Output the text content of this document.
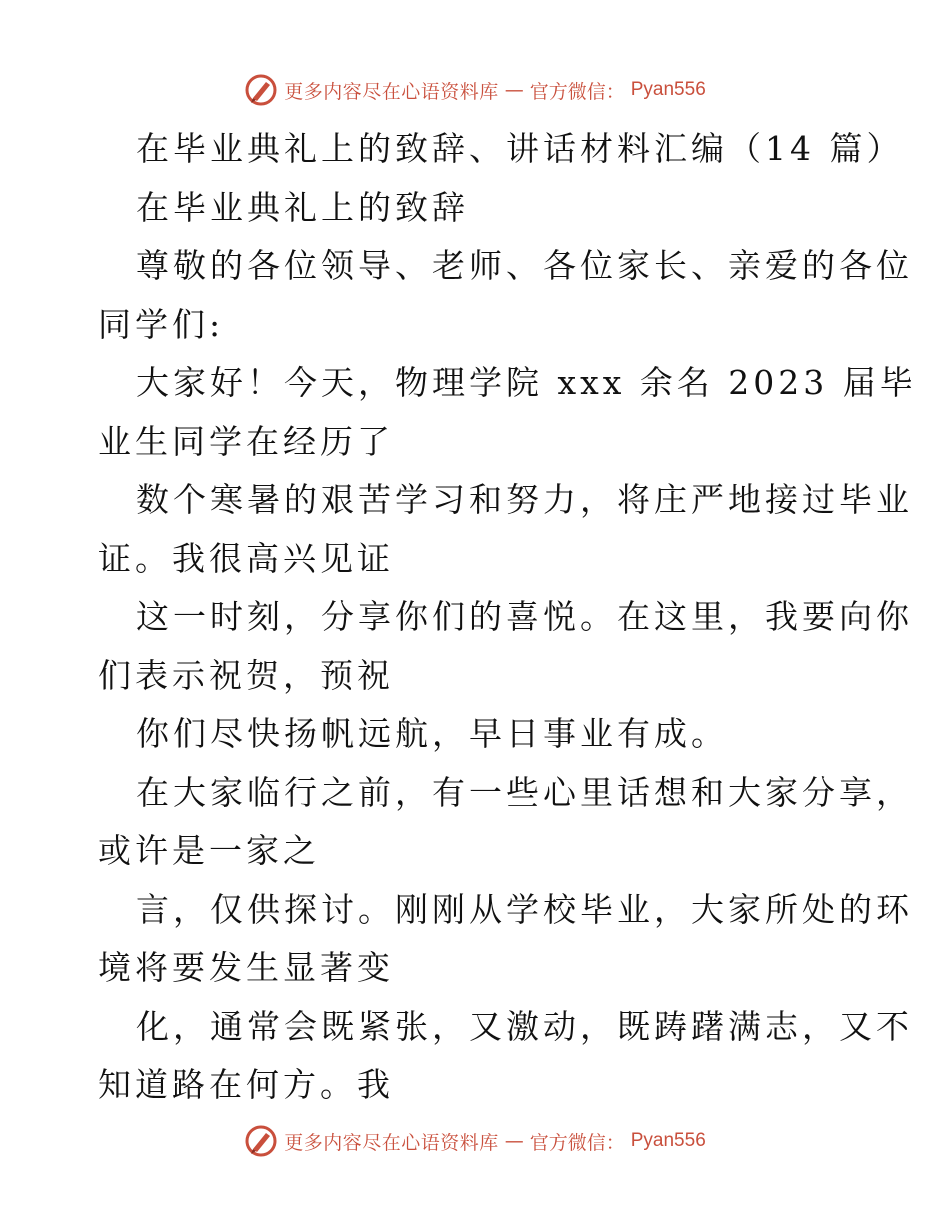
更多内容尽在心语资料库 — 官方微信： Pyan556
在毕业典礼上的致辞、讲话材料汇编（14 篇）
在毕业典礼上的致辞
尊敬的各位领导、老师、各位家长、亲爱的各位
同学们:
大家好！今天，物理学院 xxx 余名 2023 届毕
业生同学在经历了
数个寒暑的艰苦学习和努力，将庄严地接过毕业
证。我很高兴见证
这一时刻，分享你们的喜悦。在这里，我要向你
们表示祝贺，预祝
你们尽快扬帆远航，早日事业有成。
在大家临行之前，有一些心里话想和大家分享，
或许是一家之
言，仅供探讨。刚刚从学校毕业，大家所处的环
境将要发生显著变
化，通常会既紧张，又激动，既踌躇满志，又不
知道路在何方。我
更多内容尽在心语资料库 — 官方微信： Pyan556
